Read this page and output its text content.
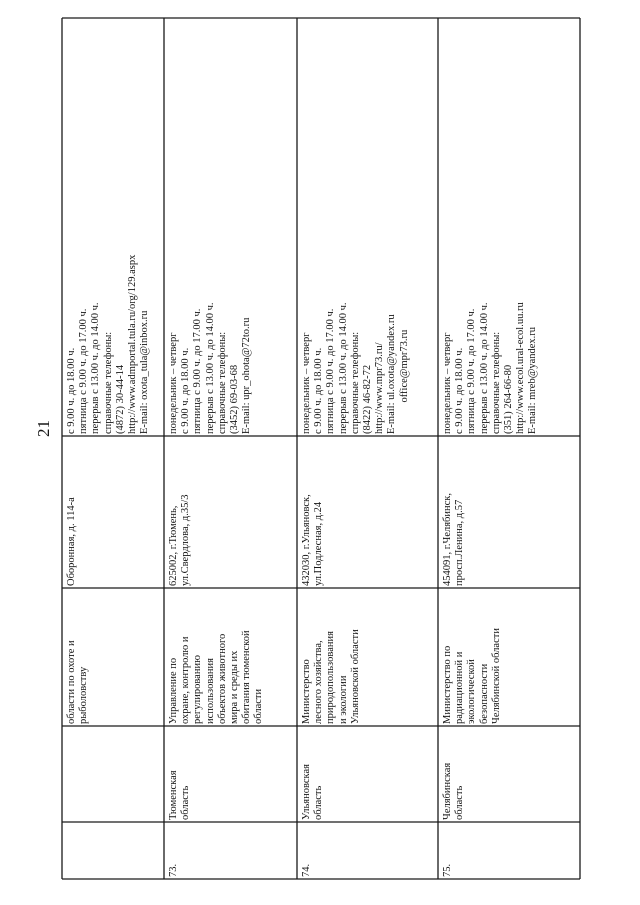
21
области по охоте и
рыболовству
Оборонная, д. 114-а
с 9.00 ч. до 18.00 ч.
пятница с 9.00 ч. до 17.00 ч.
перерыв с 13.00 ч. до 14.00 ч.
справочные телефоны:
(4872) 30-44-14
http://www.admportal.tula.ru/org/129.aspx
E-mail: oxota_tula@inbox.ru
73.
Тюменская
область
Управление по
охране, контролю и
регулированию
использования
объектов животного
мира и среды их
обитания тюменской
области
625002, г.Тюмень,
ул.Свердлова, д.35/3
понедельник – четверг
с 9.00 ч. до 18.00 ч.
пятница с 9.00 ч. до 17.00 ч.
перерыв с 13.00 ч. до 14.00 ч.
справочные телефоны:
(3452) 69-03-68
E-mail: upr_ohota@72to.ru
74.
Ульяновская
область
Министерство
лесного хозяйства,
природопользования
и экологии
Ульяновской области
432030, г.Ульяновск,
ул.Подлесная, д.24
понедельник – четверг
с 9.00 ч. до 18.00 ч.
пятница с 9.00 ч. до 17.00 ч.
перерыв с 13.00 ч. до 14.00 ч.
справочные телефоны:
(8422) 46-82-72
http://www.mpr73.ru/
E-mail: ul.oxota@yandex.ru
office@mpr73.ru
75.
Челябинская
область
Министерство по
радиационной и
экологической
безопасности
Челябинской области
454091, г.Челябинск,
просп.Ленина, д.57
понедельник – четверг
с 9.00 ч. до 18.00 ч.
пятница с 9.00 ч. до 17.00 ч.
перерыв с 13.00 ч. до 14.00 ч.
справочные телефоны:
(351) 264-66-80
http://www.ecol.ural-ecol.uu.ru
E-mail: mreb@yandex.ru
